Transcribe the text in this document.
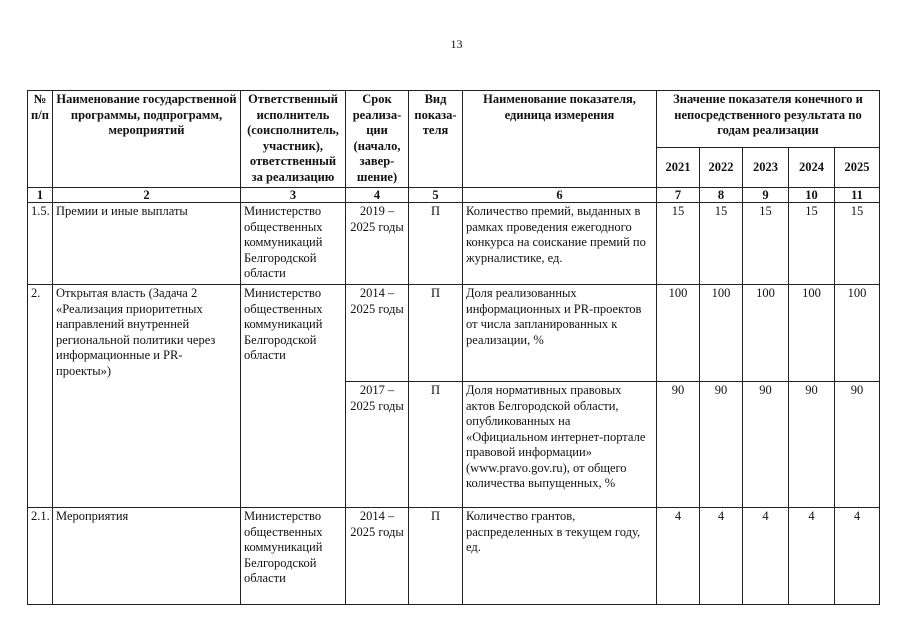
13
№ п/п	Наименование государственной программы, подпрограмм, мероприятий	Ответственный исполнитель (соисполнитель, участник), ответственный за реализацию	Срок реализа-ции (начало, завер-шение)	Вид показа-теля	Наименование показателя, единица измерения	Значение показателя конечного и непосредственного результата по годам реализации				
						2021	2022	2023	2024	2025
1	2	3	4	5	6	7	8	9	10	11
1.5.	Премии и иные выплаты	Министерство общественных коммуникаций Белгородской области	2019 – 2025 годы	П	Количество премий, выданных в рамках проведения ежегодного конкурса на соискание премий по журналистике, ед.	15	15	15	15	15
2.	Открытая власть (Задача 2 «Реализация приоритетных направлений внутренней региональной политики через информационные и PR-проекты»)	Министерство общественных коммуникаций Белгородской области	2014 – 2025 годы	П	Доля реализованных информационных и PR-проектов от числа запланированных к реализации, %	100	100	100	100	100
			2017 – 2025 годы	П	Доля нормативных правовых актов Белгородской области, опубликованных на «Официальном интернет-портале правовой информации» (www.pravo.gov.ru), от общего количества выпущенных, %	90	90	90	90	90
2.1.	Мероприятия	Министерство общественных коммуникаций Белгородской области	2014 – 2025 годы	П	Количество грантов, распределенных в текущем году, ед.	4	4	4	4	4
